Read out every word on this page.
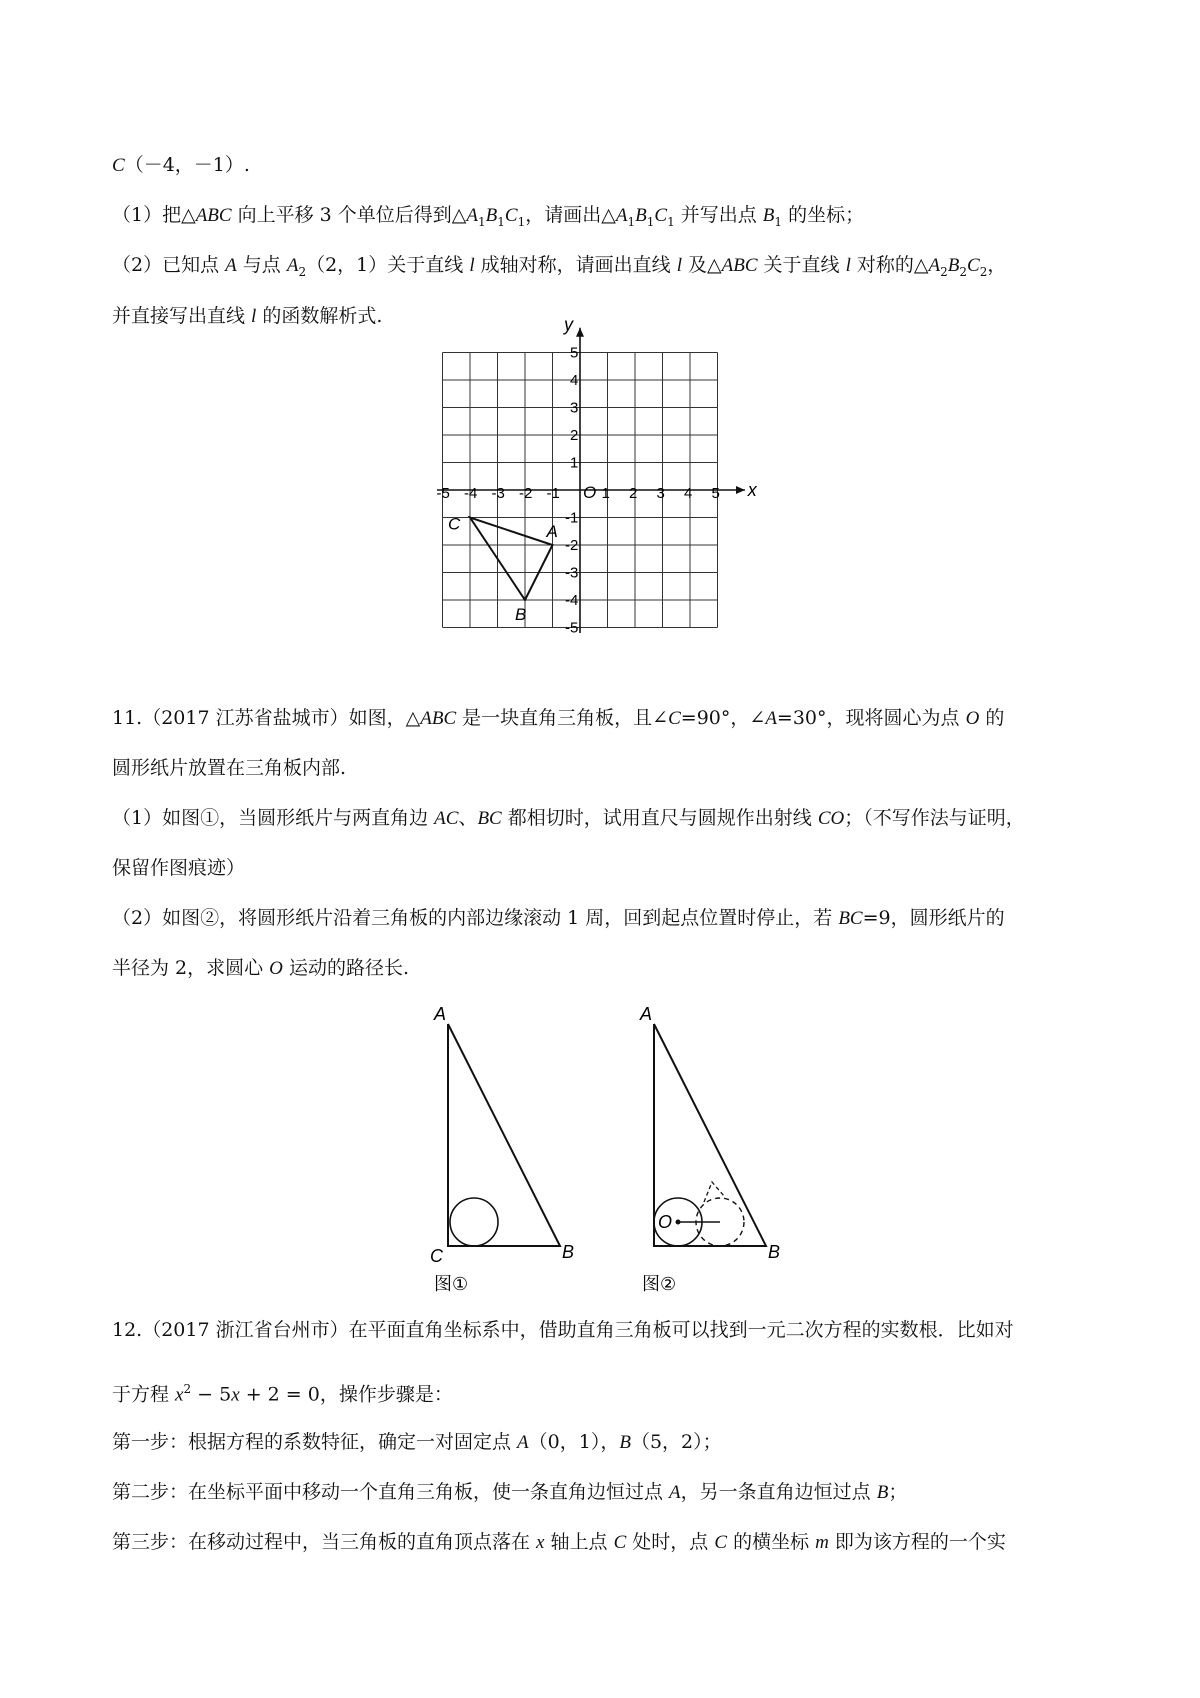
C（－4，－1）.
（1）把△ABC 向上平移 3 个单位后得到$\triangle A_1B_1C_1$，请画出$\triangle A_1B_1C_1$ 并写出点 $B_1$ 的坐标；
（2）已知点 A 与点 $A_2(2$，1）关于直线 l 成轴对称，请画出直线 l 及△ABC 关于直线 l 对称的$\triangle A_2B_2C_2$，
并直接写出直线 l 的函数解析式.
11.（2017 江苏省盐城市）如图，△ABC 是一块直角三角板，且∠C=90°，∠A=30°，现将圆心为点 O 的
圆形纸片放置在三角板内部.
（1）如图①，当圆形纸片与两直角边 AC、BC 都相切时，试用直尺与圆规作出射线 CO；（不写作法与证明，
保留作图痕迹）
（2）如图②，将圆形纸片沿着三角板的内部边缘滚动 1 周，回到起点位置时停止，若 BC=9，圆形纸片的
半径为 2，求圆心 O 运动的路径长.
12.（2017 浙江省台州市）在平面直角坐标系中，借助直角三角板可以找到一元二次方程的实数根．比如对
于方程 $x^2 - 5x + 2 = 0$，操作步骤是：
第一步：根据方程的系数特征，确定一对固定点 A（0，1），B（5，2）；
第二步：在坐标平面中移动一个直角三角板，使一条直角边恒过点 A，另一条直角边恒过点 B；
第三步：在移动过程中，当三角板的直角顶点落在 x 轴上点 C 处时，点 C 的横坐标 m 即为该方程的一个实
x
y
-5 -4 -3 -2 -1	1 2 3 4 5
5
4
3
2
1
-1
-2
-3
-4
-5
O
A
B
C
A
C	B
图①
A
O
B
图②
